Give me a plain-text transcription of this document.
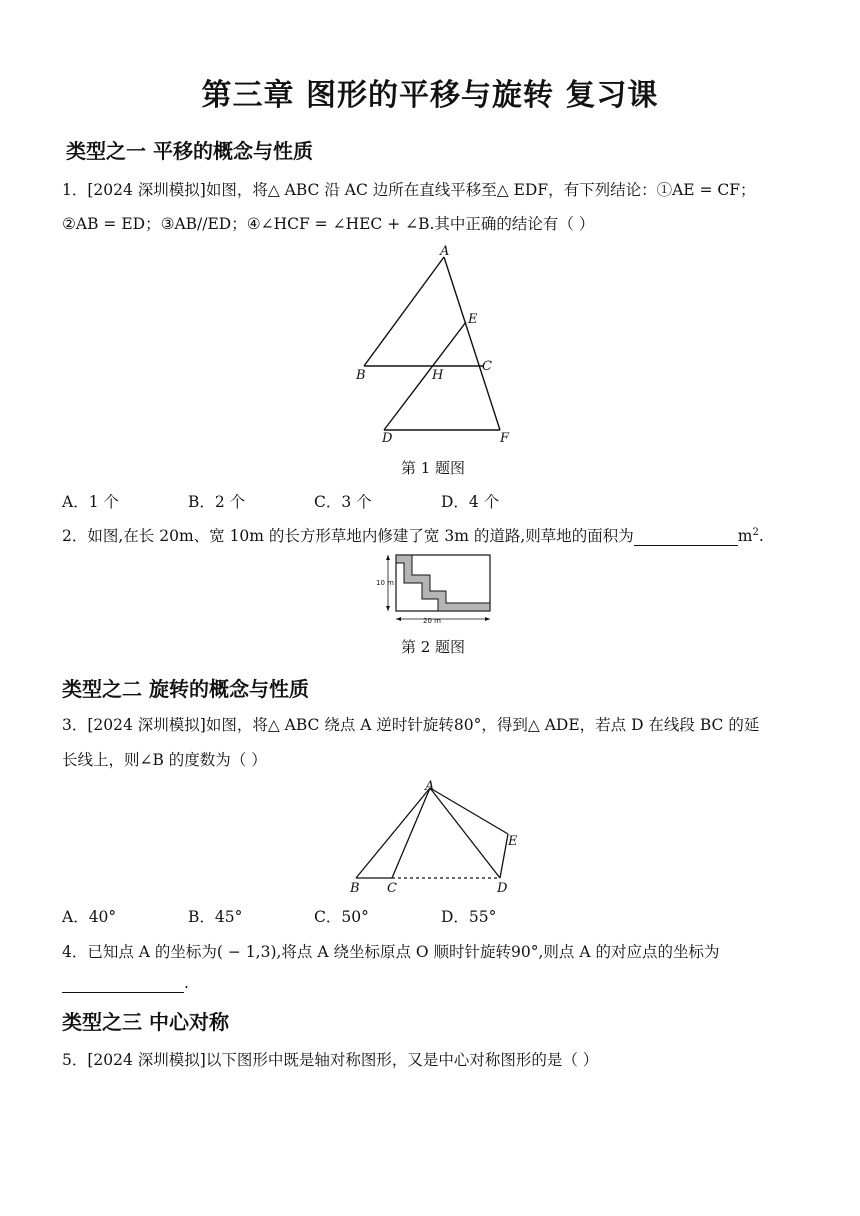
第三章 图形的平移与旋转 复习课
类型之一 平移的概念与性质
1．[2024 深圳模拟]如图，将△ ABC 沿 AC 边所在直线平移至△ EDF，有下列结论：①AE = CF；
②AB = ED；③AB//ED；④∠HCF = ∠HEC + ∠B.其中正确的结论有（ ）
A
B
C
D
E
F
H
第 1 题图
A．1 个	B．2 个	C．3 个	D．4 个
2．如图,在长 20m、宽 10m 的长方形草地内修建了宽 3m 的道路,则草地的面积为	$m^2$.
10 m
20 m
第 2 题图
类型之二 旋转的概念与性质
3．[2024 深圳模拟]如图，将△ ABC 绕点 A 逆时针旋转80°，得到△ ADE，若点 D 在线段 BC 的延
长线上，则∠B 的度数为（ ）
A
B C	D
E
A．40°	B．45°	C．50°	D．55°
4．已知点 A 的坐标为( − 1,3),将点 A 绕坐标原点 O 顺时针旋转90°,则点 A 的对应点的坐标为
.
类型之三 中心对称
5．[2024 深圳模拟]以下图形中既是轴对称图形，又是中心对称图形的是（ ）
